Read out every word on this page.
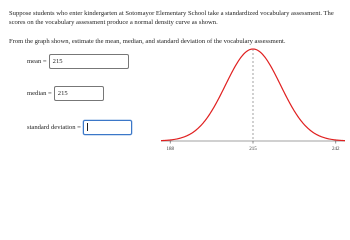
Suppose students who enter kindergarten at Sotomayor Elementary School take a standardized vocabulary assessment. The scores on the vocabulary assessment produce a normal density curve as shown.
From the graph shown, estimate the mean, median, and standard deviation of the vocabulary assessment.
mean = 215
median = 215
standard deviation =
188	215	242
